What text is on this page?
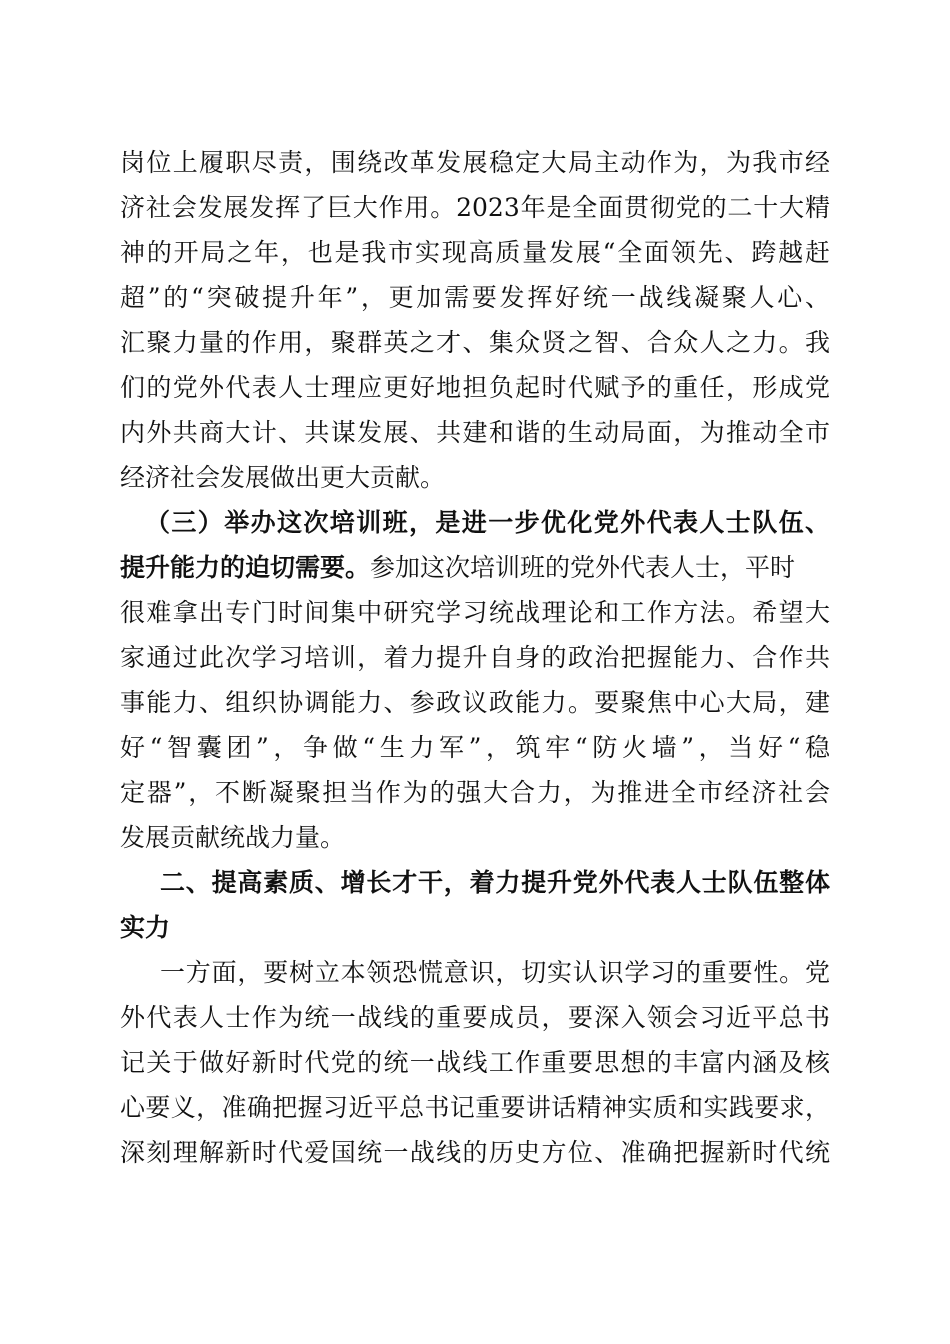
岗位上履职尽责，围绕改革发展稳定大局主动作为，为我市经
济社会发展发挥了巨大作用。2023年是全面贯彻党的二十大精
神的开局之年，也是我市实现高质量发展“全面领先、跨越赶
超”的“突破提升年”，更加需要发挥好统一战线凝聚人心、
汇聚力量的作用，聚群英之才、集众贤之智、合众人之力。我
们的党外代表人士理应更好地担负起时代赋予的重任，形成党
内外共商大计、共谋发展、共建和谐的生动局面，为推动全市
经济社会发展做出更大贡献。
（三）举办这次培训班，是进一步优化党外代表人士队伍、
提升能力的迫切需要。参加这次培训班的党外代表人士，平时
很难拿出专门时间集中研究学习统战理论和工作方法。希望大
家通过此次学习培训，着力提升自身的政治把握能力、合作共
事能力、组织协调能力、参政议政能力。要聚焦中心大局，建
好“智囊团”，争做“生力军”，筑牢“防火墙”，当好“稳
定器”，不断凝聚担当作为的强大合力，为推进全市经济社会
发展贡献统战力量。
二、提高素质、增长才干，着力提升党外代表人士队伍整体
实力
一方面，要树立本领恐慌意识，切实认识学习的重要性。党
外代表人士作为统一战线的重要成员，要深入领会习近平总书
记关于做好新时代党的统一战线工作重要思想的丰富内涵及核
心要义，准确把握习近平总书记重要讲话精神实质和实践要求，
深刻理解新时代爱国统一战线的历史方位、准确把握新时代统
